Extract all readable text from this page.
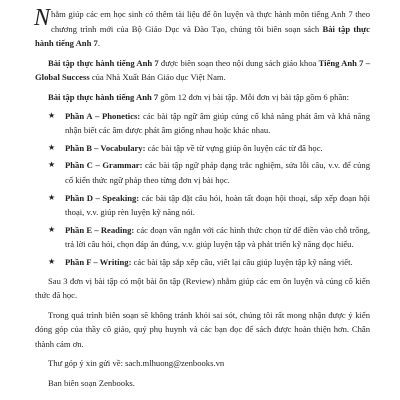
Nhằm giúp các em học sinh có thêm tài liệu để ôn luyện và thực hành môn tiếng Anh 7 theo chương trình mới của Bộ Giáo Dục và Đào Tạo, chúng tôi biên soạn sách Bài tập thực hành tiếng Anh 7.

Bài tập thực hành tiếng Anh 7 được biên soạn theo nội dung sách giáo khoa Tiếng Anh 7 – Global Success của Nhà Xuất Bản Giáo dục Việt Nam.

Bài tập thực hành tiếng Anh 7 gồm 12 đơn vị bài tập. Mỗi đơn vị bài tập gồm 6 phần:

★ Phần A – Phonetics: các bài tập ngữ âm giúp củng cố khả năng phát âm và khả năng nhận biết các âm được phát âm giống nhau hoặc khác nhau.
★ Phần B – Vocabulary: các bài tập về từ vựng giúp ôn luyện các từ đã học.
★ Phần C – Grammar: các bài tập ngữ pháp dạng trắc nghiệm, sửa lỗi câu, v.v. để củng cố kiến thức ngữ pháp theo từng đơn vị bài học.
★ Phần D – Speaking: các bài tập đặt câu hỏi, hoàn tất đoạn hội thoại, sắp xếp đoạn hội thoại, v.v. giúp rèn luyện kỹ năng nói.
★ Phần E – Reading: các đoạn văn ngắn với các hình thức chọn từ để điền vào chỗ trống, trả lời câu hỏi, chọn đáp án đúng, v.v. giúp luyện tập và phát triển kỹ năng đọc hiểu.
★ Phần F – Writing: các bài tập sắp xếp câu, viết lại câu giúp luyện tập kỹ năng viết.

Sau 3 đơn vị bài tập có một bài ôn tập (Review) nhằm giúp các em ôn luyện và củng cố kiến thức đã học.

Trong quá trình biên soạn sẽ không tránh khỏi sai sót, chúng tôi rất mong nhận được ý kiến đóng góp của thầy cô giáo, quý phụ huynh và các bạn đọc để sách được hoàn thiện hơn. Chân thành cảm ơn.

Thư góp ý xin gửi về: sach.mlhuong@zenbooks.vn

Ban biên soạn Zenbooks.
